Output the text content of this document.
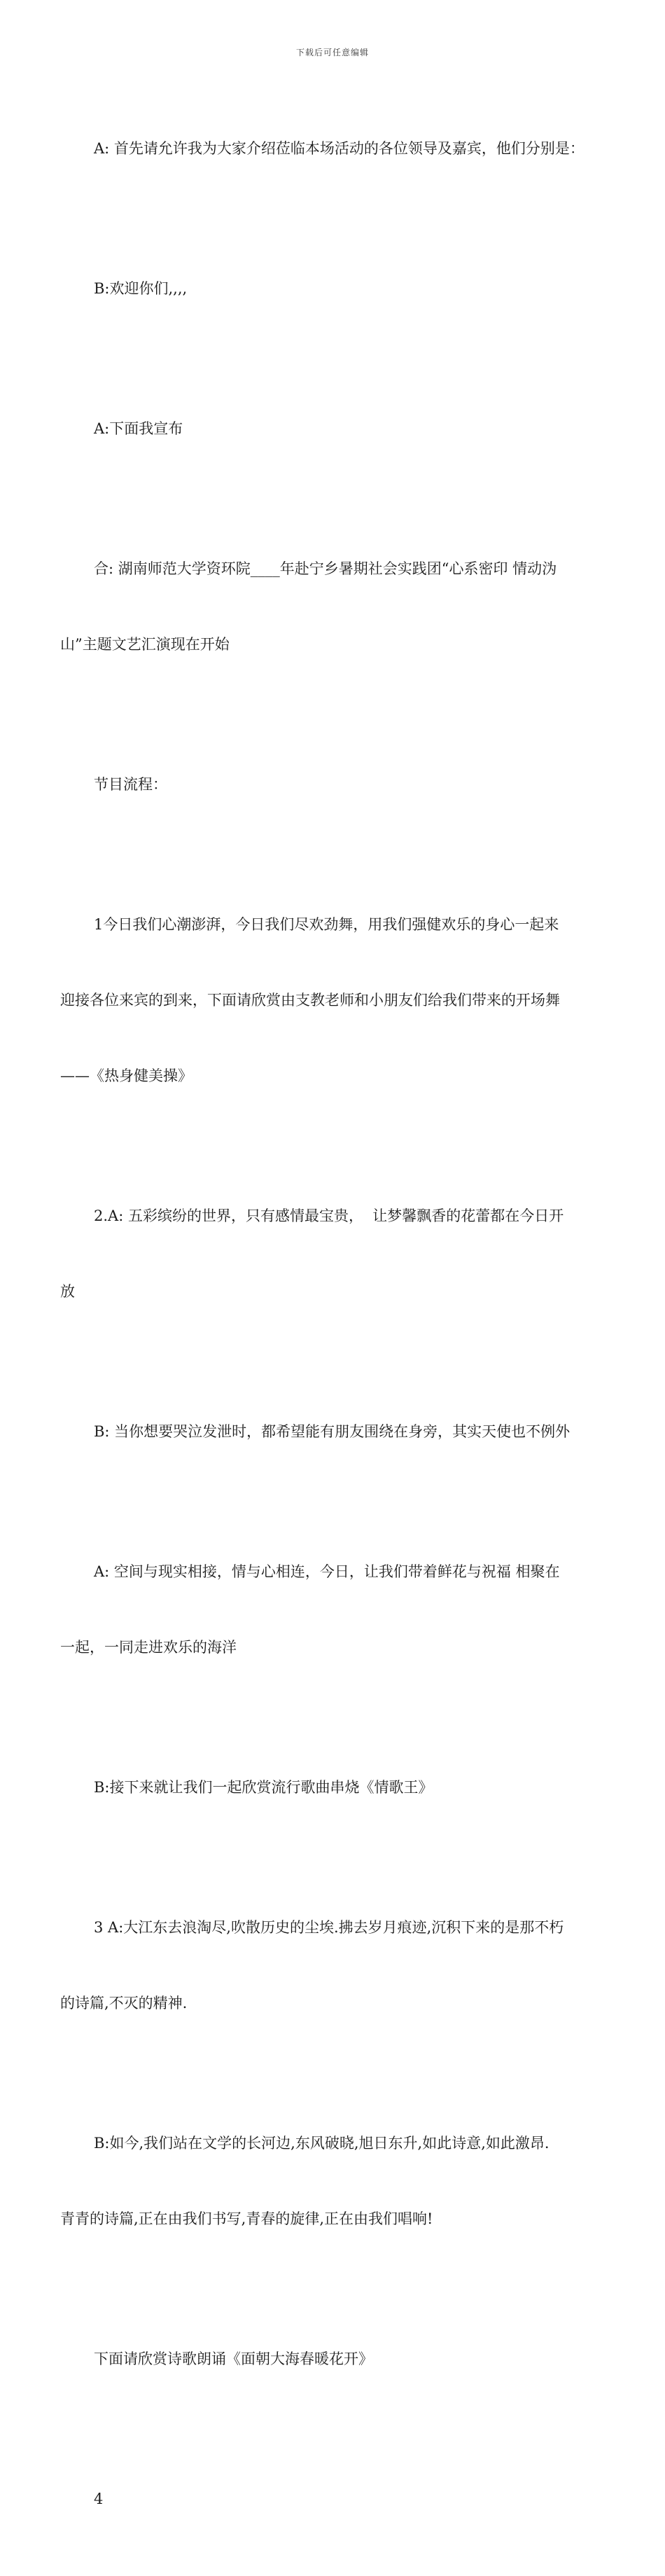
下载后可任意编辑

A: 首先请允许我为大家介绍莅临本场活动的各位领导及嘉宾，他们分别是：

B:欢迎你们,,,,

A:下面我宣布

合: 湖南师范大学资环院____年赴宁乡暑期社会实践团“心系密印 情动沩

山”主题文艺汇演现在开始

节目流程：

1今日我们心潮澎湃，今日我们尽欢劲舞，用我们强健欢乐的身心一起来

迎接各位来宾的到来，下面请欣赏由支教老师和小朋友们给我们带来的开场舞

——《热身健美操》

2.A: 五彩缤纷的世界，只有感情最宝贵，  让梦馨飘香的花蕾都在今日开

放

B: 当你想要哭泣发泄时，都希望能有朋友围绕在身旁，其实天使也不例外

A: 空间与现实相接，情与心相连，今日，让我们带着鲜花与祝福 相聚在

一起，一同走进欢乐的海洋

B:接下来就让我们一起欣赏流行歌曲串烧《情歌王》

3 A:大江东去浪淘尽,吹散历史的尘埃.拂去岁月痕迹,沉积下来的是那不朽

的诗篇,不灭的精神.

B:如今,我们站在文学的长河边,东风破晓,旭日东升,如此诗意,如此激昂.

青青的诗篇,正在由我们书写,青春的旋律,正在由我们唱响!

下面请欣赏诗歌朗诵《面朝大海春暖花开》

4
